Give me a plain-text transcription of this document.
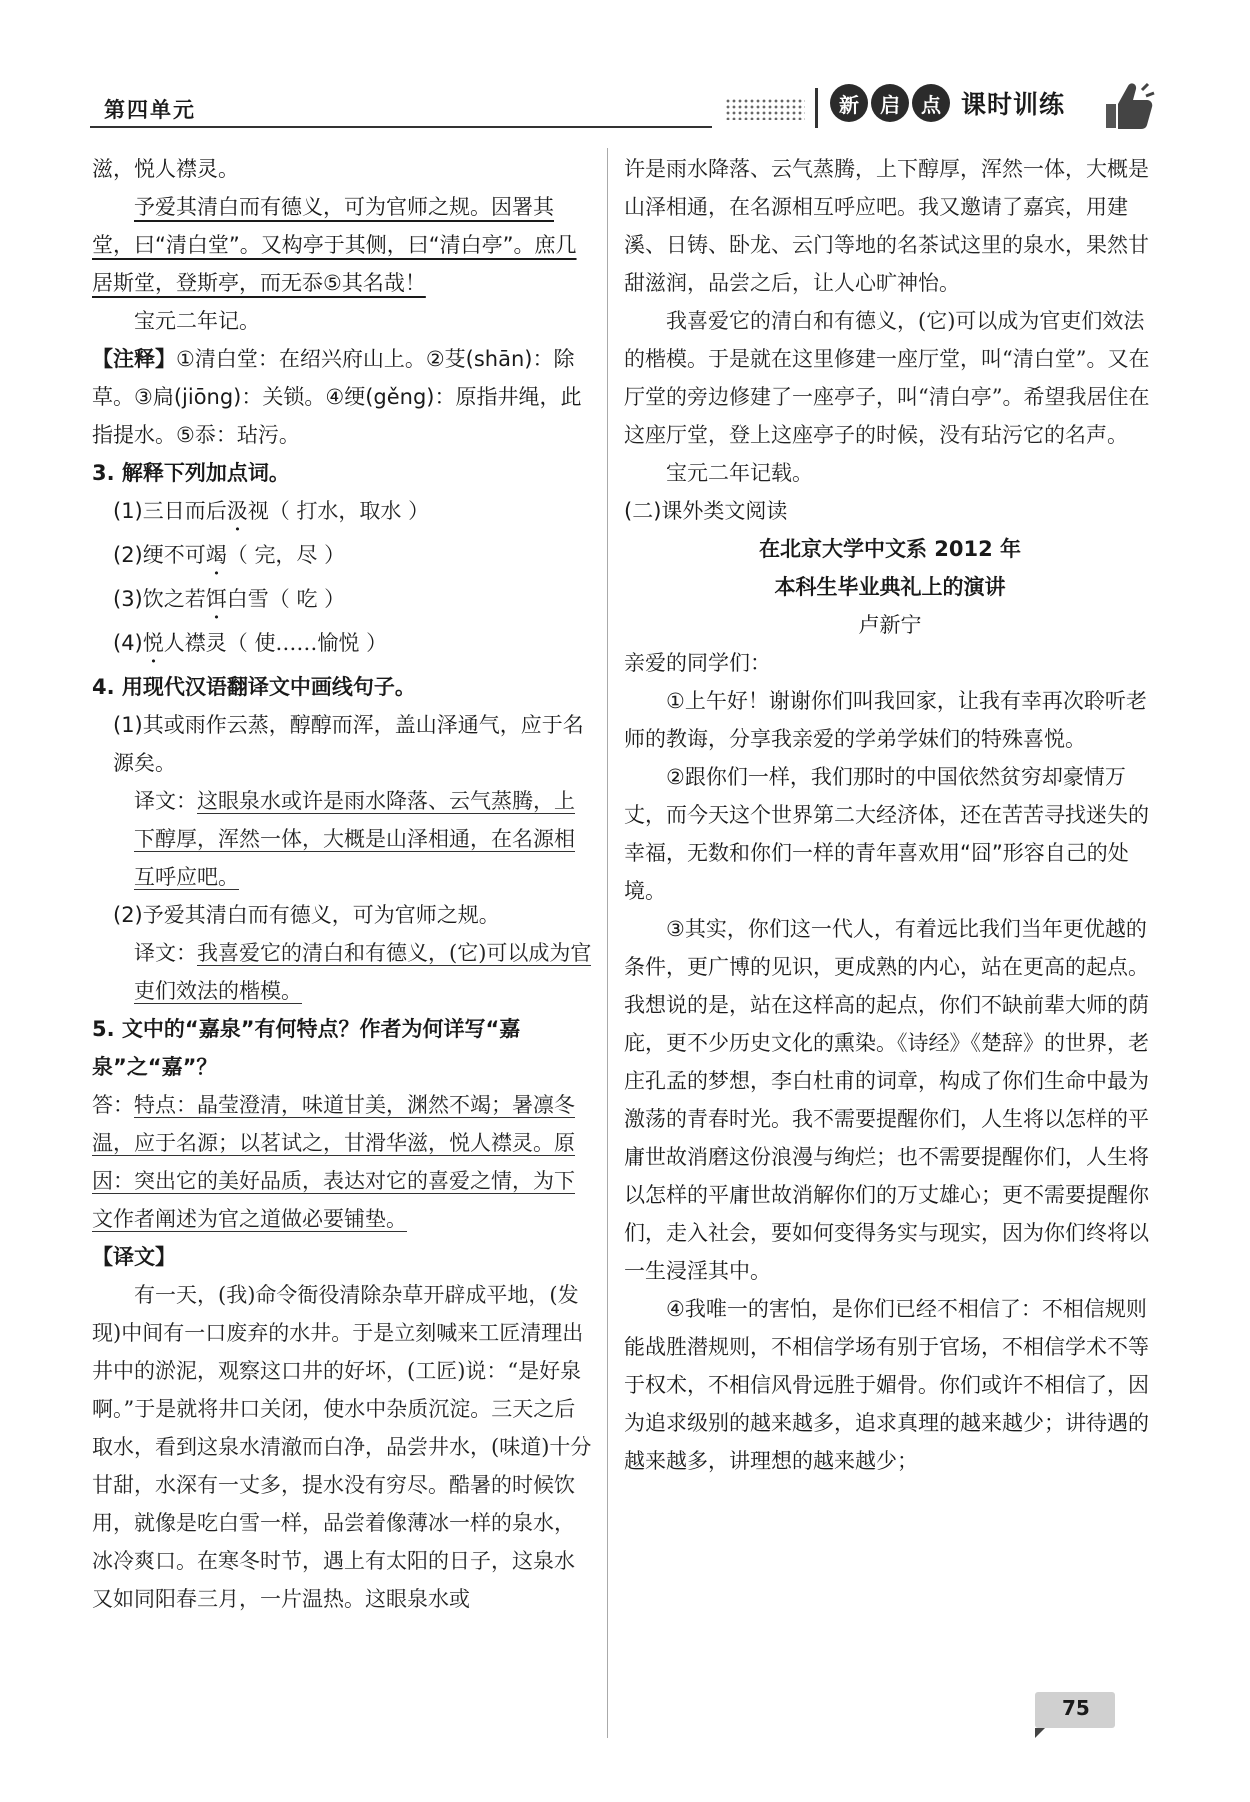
第四单元	新	启	点 课时训练

滋，悦人襟灵。

予爱其清白而有德义，可为官师之规。因署其堂，曰“清白堂”。又构亭于其侧，曰“清白亭”。庶几居斯堂，登斯亭，而无忝⑤其名哉！

宝元二年记。

【注释】①清白堂：在绍兴府山上。②芟(shān)：除草。③扃(jiōng)：关锁。④绠(gěng)：原指井绳，此指提水。⑤忝：玷污。

3. 解释下列加点词。

(1)三日而后汲视（ 打水，取水 ）

(2)绠不可竭（ 完，尽 ）

(3)饮之若饵白雪（ 吃 ）

(4)悦人襟灵（ 使……愉悦 ）

4. 用现代汉语翻译文中画线句子。

(1)其或雨作云蒸，醇醇而浑，盖山泽通气，应于名源矣。

译文：这眼泉水或许是雨水降落、云气蒸腾，上下醇厚，浑然一体，大概是山泽相通，在名源相互呼应吧。

(2)予爱其清白而有德义，可为官师之规。

译文：我喜爱它的清白和有德义，(它)可以成为官吏们效法的楷模。

5. 文中的“嘉泉”有何特点？作者为何详写“嘉泉”之“嘉”？

答：特点：晶莹澄清，味道甘美，渊然不竭；暑凛冬温，应于名源；以茗试之，甘滑华滋，悦人襟灵。原因：突出它的美好品质，表达对它的喜爱之情，为下文作者阐述为官之道做必要铺垫。

【译文】

有一天，(我)命令衙役清除杂草开辟成平地，(发现)中间有一口废弃的水井。于是立刻喊来工匠清理出井中的淤泥，观察这口井的好坏，(工匠)说：“是好泉啊。”于是就将井口关闭，使水中杂质沉淀。三天之后取水，看到这泉水清澈而白净，品尝井水，(味道)十分甘甜，水深有一丈多，提水没有穷尽。酷暑的时候饮用，就像是吃白雪一样，品尝着像薄冰一样的泉水，冰冷爽口。在寒冬时节，遇上有太阳的日子，这泉水又如同阳春三月，一片温热。这眼泉水或

许是雨水降落、云气蒸腾，上下醇厚，浑然一体，大概是山泽相通，在名源相互呼应吧。我又邀请了嘉宾，用建溪、日铸、卧龙、云门等地的名茶试这里的泉水，果然甘甜滋润，品尝之后，让人心旷神怡。

我喜爱它的清白和有德义，(它)可以成为官吏们效法的楷模。于是就在这里修建一座厅堂，叫“清白堂”。又在厅堂的旁边修建了一座亭子，叫“清白亭”。希望我居住在这座厅堂，登上这座亭子的时候，没有玷污它的名声。

宝元二年记载。

(二)课外类文阅读

在北京大学中文系 2012 年

本科生毕业典礼上的演讲

卢新宁

亲爱的同学们：

①上午好！谢谢你们叫我回家，让我有幸再次聆听老师的教诲，分享我亲爱的学弟学妹们的特殊喜悦。

②跟你们一样，我们那时的中国依然贫穷却豪情万丈，而今天这个世界第二大经济体，还在苦苦寻找迷失的幸福，无数和你们一样的青年喜欢用“囧”形容自己的处境。

③其实，你们这一代人，有着远比我们当年更优越的条件，更广博的见识，更成熟的内心，站在更高的起点。我想说的是，站在这样高的起点，你们不缺前辈大师的荫庇，更不少历史文化的熏染。《诗经》《楚辞》的世界，老庄孔孟的梦想，李白杜甫的词章，构成了你们生命中最为激荡的青春时光。我不需要提醒你们，人生将以怎样的平庸世故消磨这份浪漫与绚烂；也不需要提醒你们，人生将以怎样的平庸世故消解你们的万丈雄心；更不需要提醒你们，走入社会，要如何变得务实与现实，因为你们终将以一生浸淫其中。

④我唯一的害怕，是你们已经不相信了：不相信规则能战胜潜规则，不相信学场有别于官场，不相信学术不等于权术，不相信风骨远胜于媚骨。你们或许不相信了，因为追求级别的越来越多，追求真理的越来越少；讲待遇的越来越多，讲理想的越来越少；

75
